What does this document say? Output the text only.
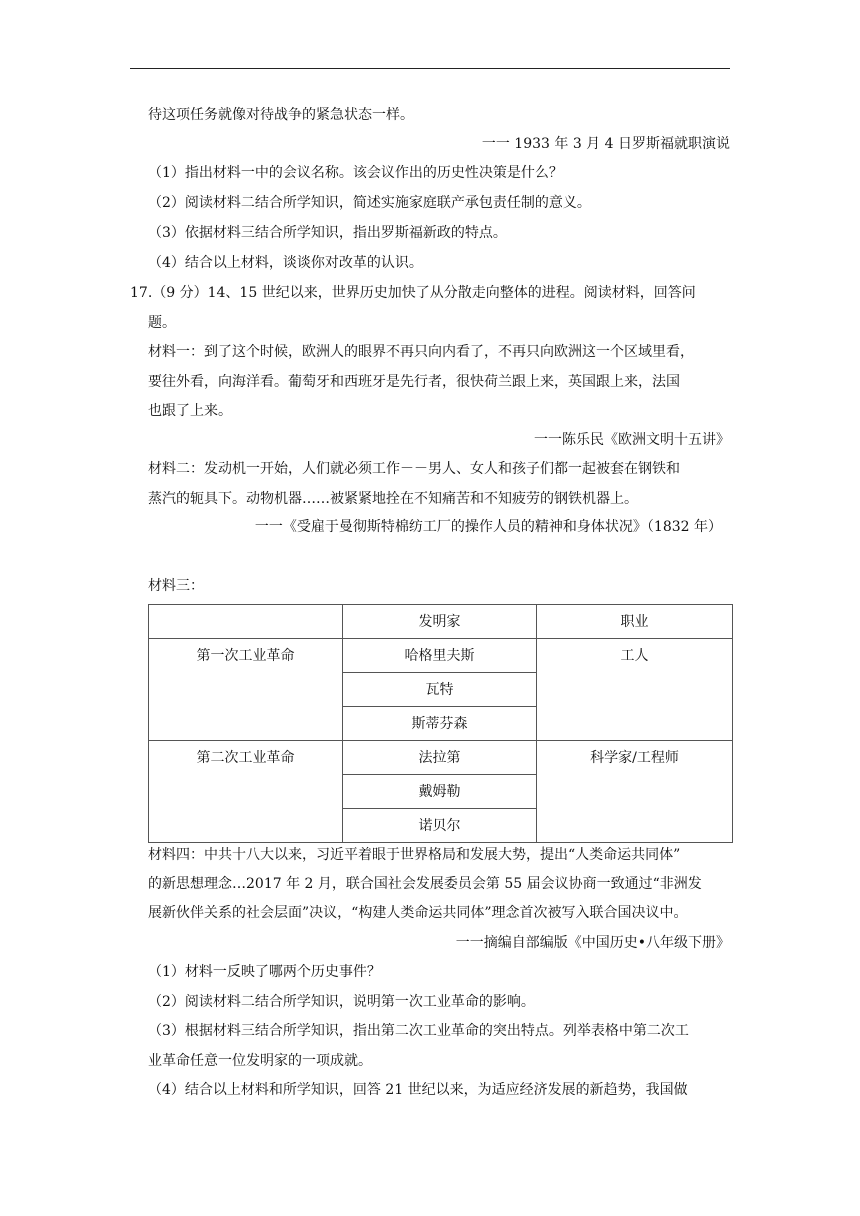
待这项任务就像对待战争的紧急状态一样。
一一 1933 年 3 月 4 日罗斯福就职演说
（1）指出材料一中的会议名称。该会议作出的历史性决策是什么？
（2）阅读材料二结合所学知识，简述实施家庭联产承包责任制的意义。
（3）依据材料三结合所学知识，指出罗斯福新政的特点。
（4）结合以上材料，谈谈你对改革的认识。
17.（9 分）14、15 世纪以来，世界历史加快了从分散走向整体的进程。阅读材料，回答问
题。
材料一：到了这个时候，欧洲人的眼界不再只向内看了，不再只向欧洲这一个区域里看，
要往外看，向海洋看。葡萄牙和西班牙是先行者，很快荷兰跟上来，英国跟上来，法国
也跟了上来。
一一陈乐民《欧洲文明十五讲》
材料二：发动机一开始，人们就必须工作－－男人、女人和孩子们都一起被套在钢铁和
蒸汽的轭具下。动物机器……被紧紧地拴在不知痛苦和不知疲劳的钢铁机器上。
一一《受雇于曼彻斯特棉纺工厂的操作人员的精神和身体状况》（1832 年）
材料三：
	发明家	职业
第一次工业革命	哈格里夫斯	工人
	瓦特	
	斯蒂芬森	
第二次工业革命	法拉第	科学家/工程师
	戴姆勒	
	诺贝尔	
材料四：中共十八大以来，习近平着眼于世界格局和发展大势，提出“人类命运共同体”
的新思想理念…2017 年 2 月，联合国社会发展委员会第 55 届会议协商一致通过“非洲发
展新伙伴关系的社会层面”决议，“构建人类命运共同体”理念首次被写入联合国决议中。
一一摘编自部编版《中国历史•八年级下册》
（1）材料一反映了哪两个历史事件？
（2）阅读材料二结合所学知识，说明第一次工业革命的影响。
（3）根据材料三结合所学知识，指出第二次工业革命的突出特点。列举表格中第二次工
业革命任意一位发明家的一项成就。
（4）结合以上材料和所学知识，回答 21 世纪以来，为适应经济发展的新趋势，我国做
